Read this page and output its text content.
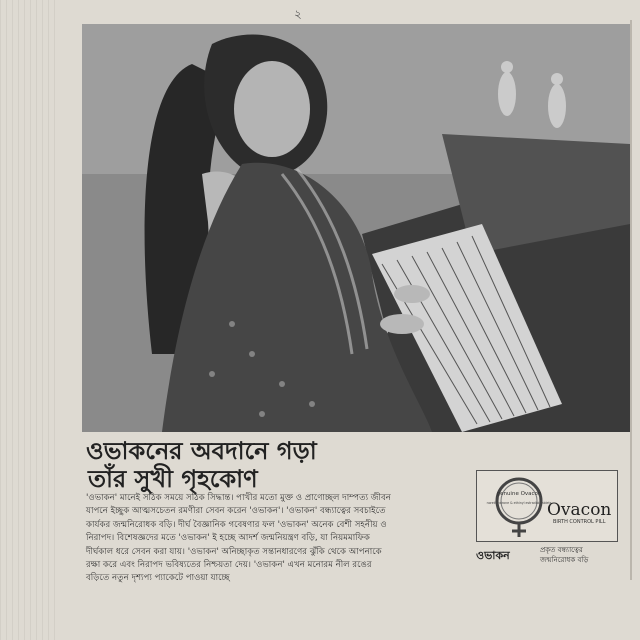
২
ওভাকনের অবদানে গড়া
তাঁর সুখী গৃহকোণ
'ওভাকন' মানেই সঠিক সময়ে সঠিক সিদ্ধান্ত। পাখীর মতো মুক্ত ও প্রাণোচ্ছল দাম্পত্য জীবন
যাপনে ইচ্ছুক আত্মসচেতন রমণীরা সেবন করেন 'ওভাকন'। 'ওভাকন' বন্ধ্যাত্বের সবচাইতে
কার্যকর জন্মনিরোধক বড়ি। দীর্ঘ বৈজ্ঞানিক গবেষণার ফল 'ওভাকন' অনেক বেশী সহনীয় ও
নিরাপদ। বিশেষজ্ঞদের মতে 'ওভাকন' ই হচ্ছে আদর্শ জন্মনিয়ন্ত্রণ বড়ি, যা নিয়মমাফিক
দীর্ঘকাল ধরে সেবন করা যায়। 'ওভাকন' অনিচ্ছাকৃত সন্তানধারণের ঝুঁকি থেকে আপনাকে
রক্ষা করে এবং নিরাপদ ভবিষ্যতের নিশ্চয়তা দেয়। 'ওভাকন' এখন মনোরম নীল রঙের
বড়িতে নতুন দৃশ্যপ্য প্যাকেটে পাওয়া যাচ্ছে
genuine Ovacon
norethindrone & ethinyl estradiol tablets
Ovacon
BIRTH CONTROL PILL
ওভাকন	প্রকৃত বন্ধ্যাত্বের
জন্মনিরোধক বড়ি
